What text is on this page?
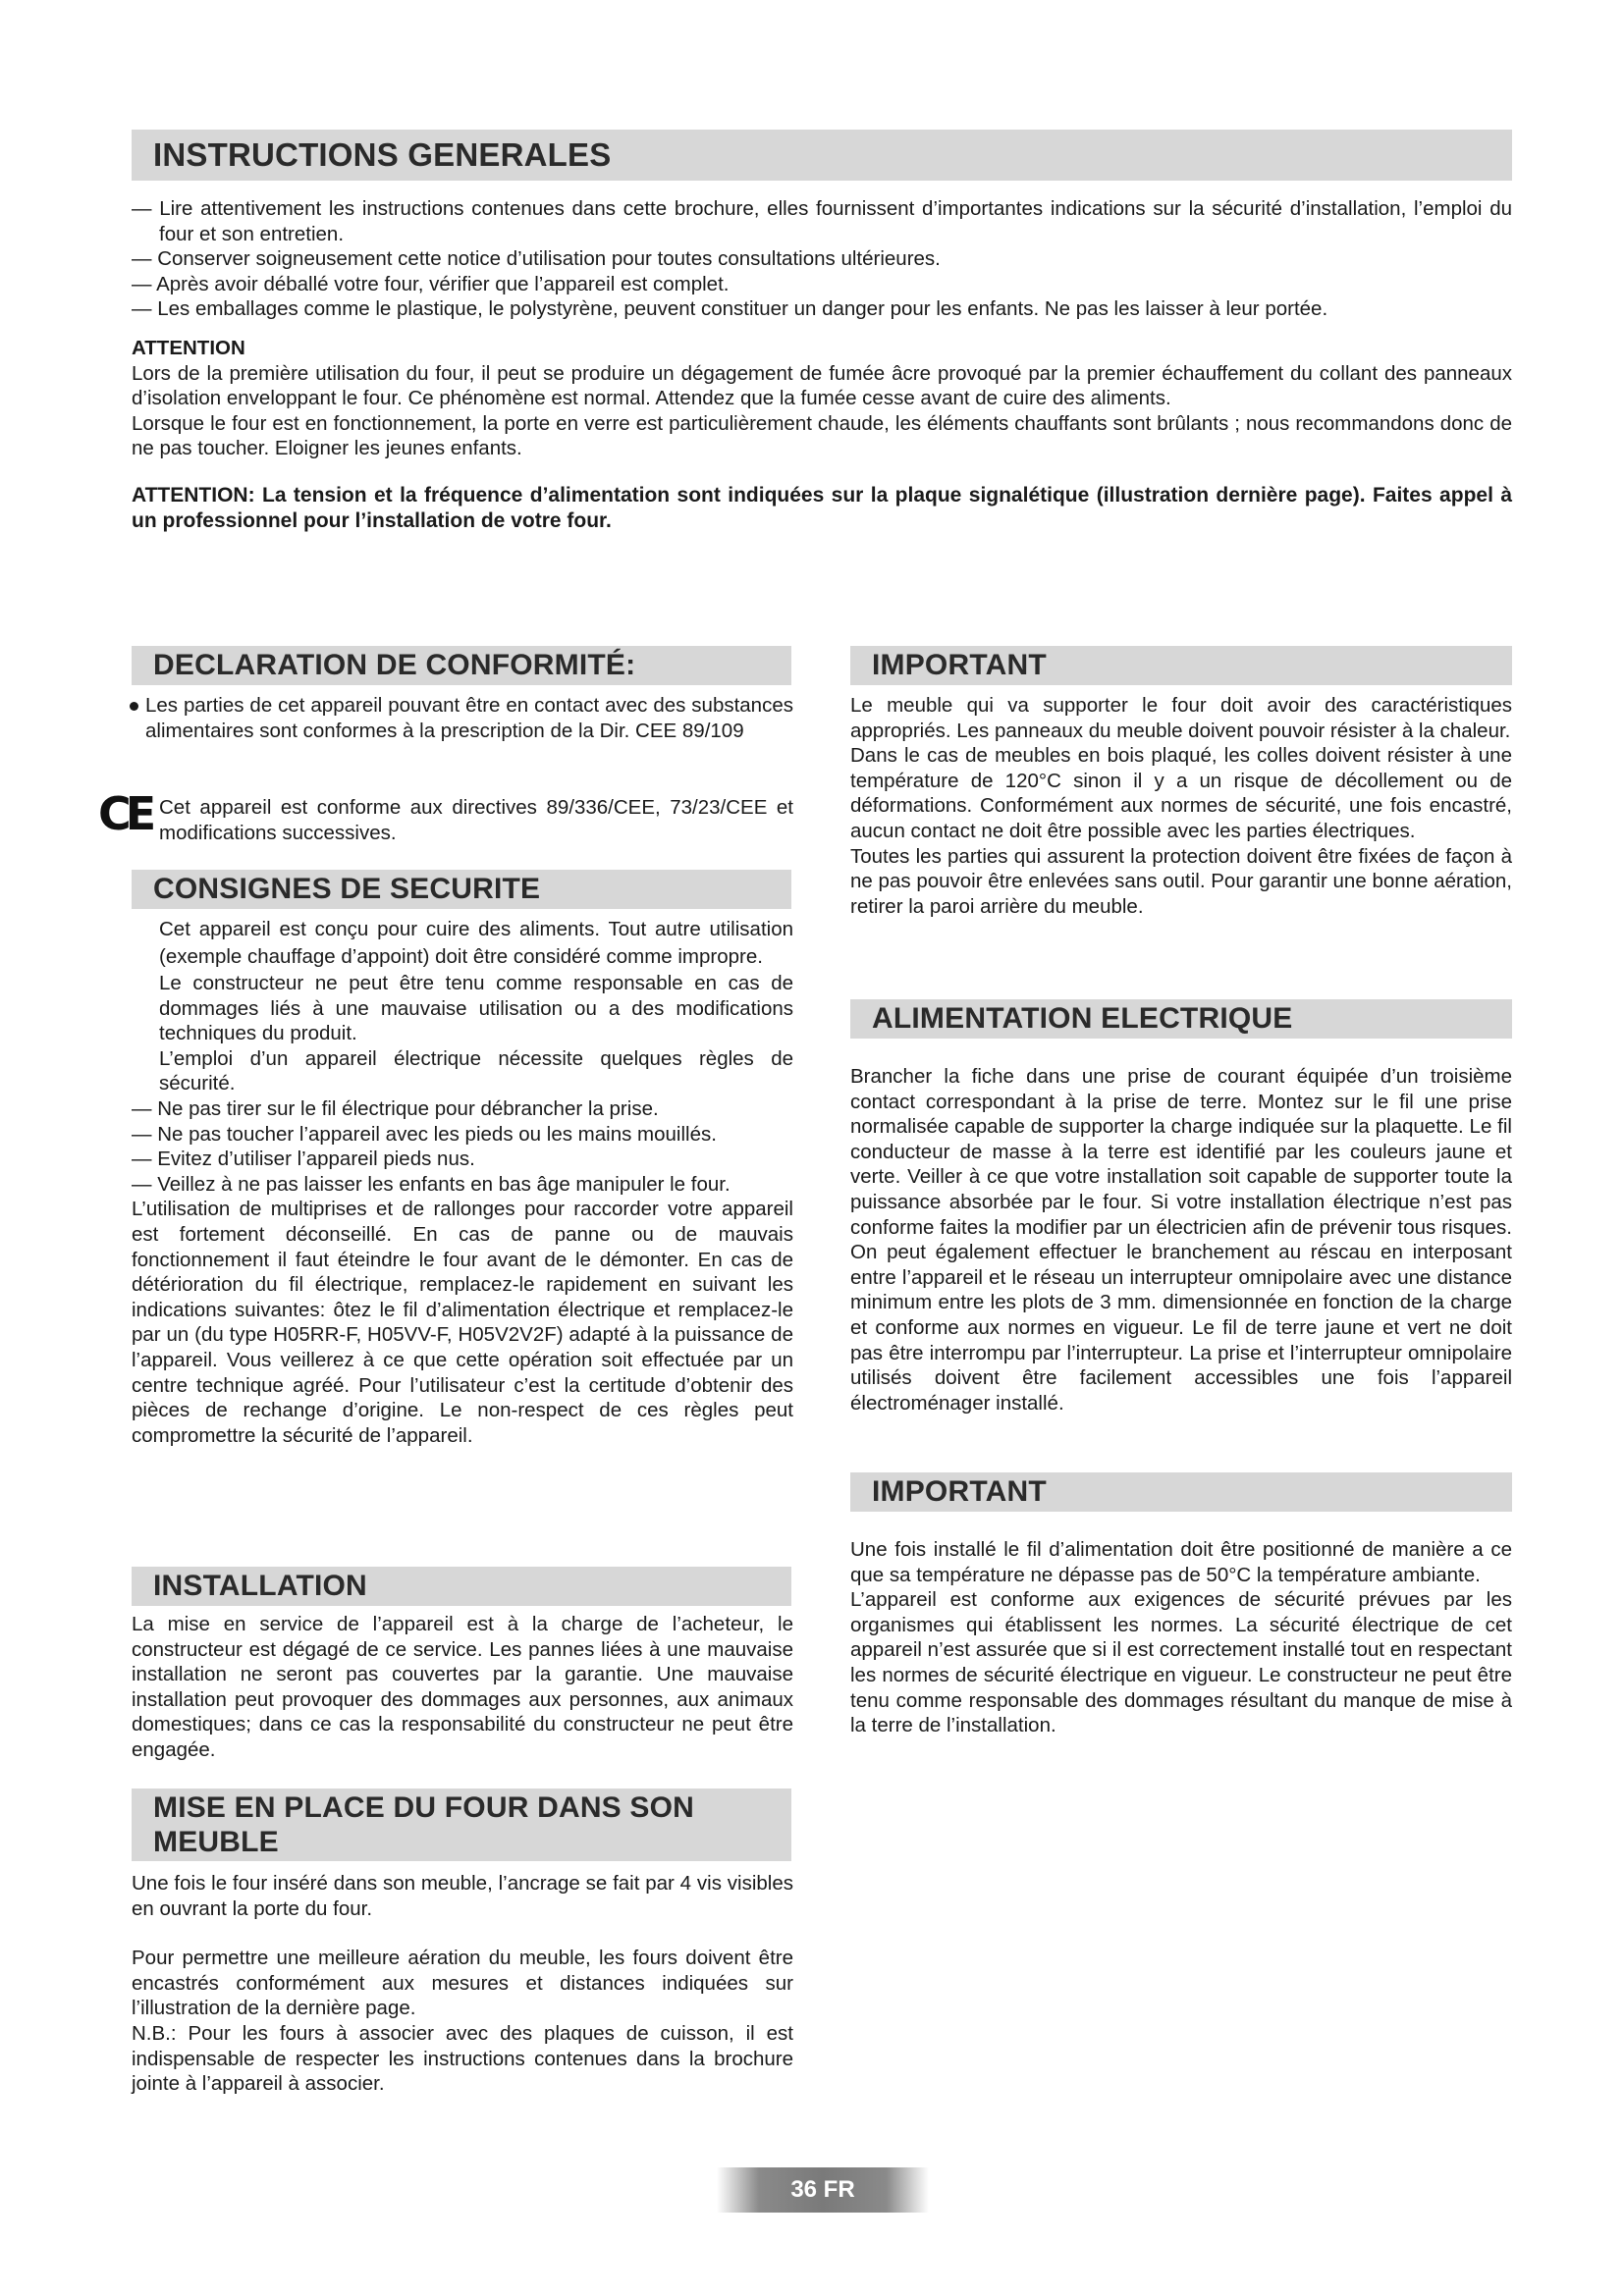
INSTRUCTIONS GENERALES

— Lire attentivement les instructions contenues dans cette brochure, elles fournissent d’importantes indications sur la sécurité d’installation, l’emploi du four et son entretien.

— Conserver soigneusement cette notice d’utilisation pour toutes consultations ultérieures.

— Après avoir déballé votre four, vérifier que l’appareil est complet.

— Les emballages comme le plastique, le polystyrène, peuvent constituer un danger pour les enfants. Ne pas les laisser à leur portée.

ATTENTION

Lors de la première utilisation du four, il peut se produire un dégagement de fumée âcre provoqué par la premier échauffement du collant des panneaux d’isolation enveloppant le four. Ce phénomène est normal. Attendez que la fumée cesse avant de cuire des aliments.

Lorsque le four est en fonctionnement, la porte en verre est particulièrement chaude, les éléments chauffants sont brûlants ; nous recommandons donc de ne pas toucher. Eloigner les jeunes enfants.

ATTENTION: La tension et la fréquence d’alimentation sont indiquées sur la plaque signalétique (illustration dernière page). Faites appel à un professionnel pour l’installation de votre four.

DECLARATION DE CONFORMITÉ:

Les parties de cet appareil pouvant être en contact avec des substances alimentaires sont conformes à la prescription de la Dir. CEE 89/109

CE Cet appareil est conforme aux directives 89/336/CEE, 73/23/CEE et modifications successives.
CONSIGNES DE SECURITE

Cet appareil est conçu pour cuire des aliments. Tout autre utilisation (exemple chauffage d’appoint) doit être considéré comme impropre.

Le constructeur ne peut être tenu comme responsable en cas de dommages liés à une mauvaise utilisation ou a des modifications techniques du produit.

L’emploi d’un appareil électrique nécessite quelques règles de sécurité.

— Ne pas tirer sur le fil électrique pour débrancher la prise.

— Ne pas toucher l’appareil avec les pieds ou les mains mouillés.

— Evitez d’utiliser l’appareil pieds nus.

— Veillez à ne pas laisser les enfants en bas âge manipuler le four.

L’utilisation de multiprises et de rallonges pour raccorder votre appareil est fortement déconseillé. En cas de panne ou de mauvais fonctionnement il faut éteindre le four avant de le démonter. En cas de détérioration du fil électrique, remplacez-le rapidement en suivant les indications suivantes: ôtez le fil d’alimentation électrique et remplacez-le par un (du type H05RR-F, H05VV-F, H05V2V2F) adapté à la puissance de l’appareil. Vous veillerez à ce que cette opération soit effectuée par un centre technique agréé. Pour l’utilisateur c’est la certitude d’obtenir des pièces de rechange d’origine. Le non-respect de ces règles peut compromettre la sécurité de l’appareil.

INSTALLATION
La mise en service de l’appareil est à la charge de l’acheteur, le constructeur est dégagé de ce service. Les pannes liées à une mauvaise installation ne seront pas couvertes par la garantie. Une mauvaise installation peut provoquer des dommages aux personnes, aux animaux domestiques; dans ce cas la responsabilité du constructeur ne peut être engagée.
MISE EN PLACE DU FOUR DANS SON
MEUBLE

Une fois le four inséré dans son meuble, l’ancrage se fait par 4 vis visibles en ouvrant la porte du four.

Pour permettre une meilleure aération du meuble, les fours doivent être encastrés conformément aux mesures et distances indiquées sur l’illustration de la dernière page.

N.B.: Pour les fours à associer avec des plaques de cuisson, il est indispensable de respecter les instructions contenues dans la brochure jointe à l’appareil à associer.

IMPORTANT

Le meuble qui va supporter le four doit avoir des caractéristiques appropriés. Les panneaux du meuble doivent pouvoir résister à la chaleur.

Dans le cas de meubles en bois plaqué, les colles doivent résister à une température de 120°C sinon il y a un risque de décollement ou de déformations. Conformément aux normes de sécurité, une fois encastré, aucun contact ne doit être possible avec les parties électriques.

Toutes les parties qui assurent la protection doivent être fixées de façon à ne pas pouvoir être enlevées sans outil. Pour garantir une bonne aération, retirer la paroi arrière du meuble.

ALIMENTATION ELECTRIQUE
Brancher la fiche dans une prise de courant équipée d’un troisième contact correspondant à la prise de terre. Montez sur le fil une prise normalisée capable de supporter la charge indiquée sur la plaquette. Le fil conducteur de masse à la terre est identifié par les couleurs jaune et verte. Veiller à ce que votre installation soit capable de supporter toute la puissance absorbée par le four. Si votre installation électrique n’est pas conforme faites la modifier par un électricien afin de prévenir tous risques. On peut également effectuer le branchement au réscau en interposant entre l’appareil et le réseau un interrupteur omnipolaire avec une distance minimum entre les plots de 3 mm. dimensionnée en fonction de la charge et conforme aux normes en vigueur. Le fil de terre jaune et vert ne doit pas être interrompu par l’interrupteur. La prise et l’interrupteur omnipolaire utilisés doivent être facilement accessibles une fois l’appareil électroménager installé.
IMPORTANT

Une fois installé le fil d’alimentation doit être positionné de manière a ce que sa température ne dépasse pas de 50°C la température ambiante.

L’appareil est conforme aux exigences de sécurité prévues par les organismes qui établissent les normes. La sécurité électrique de cet appareil n’est assurée que si il est correctement installé tout en respectant les normes de sécurité électrique en vigueur. Le constructeur ne peut être tenu comme responsable des dommages résultant du manque de mise à la terre de l’installation.

36 FR
